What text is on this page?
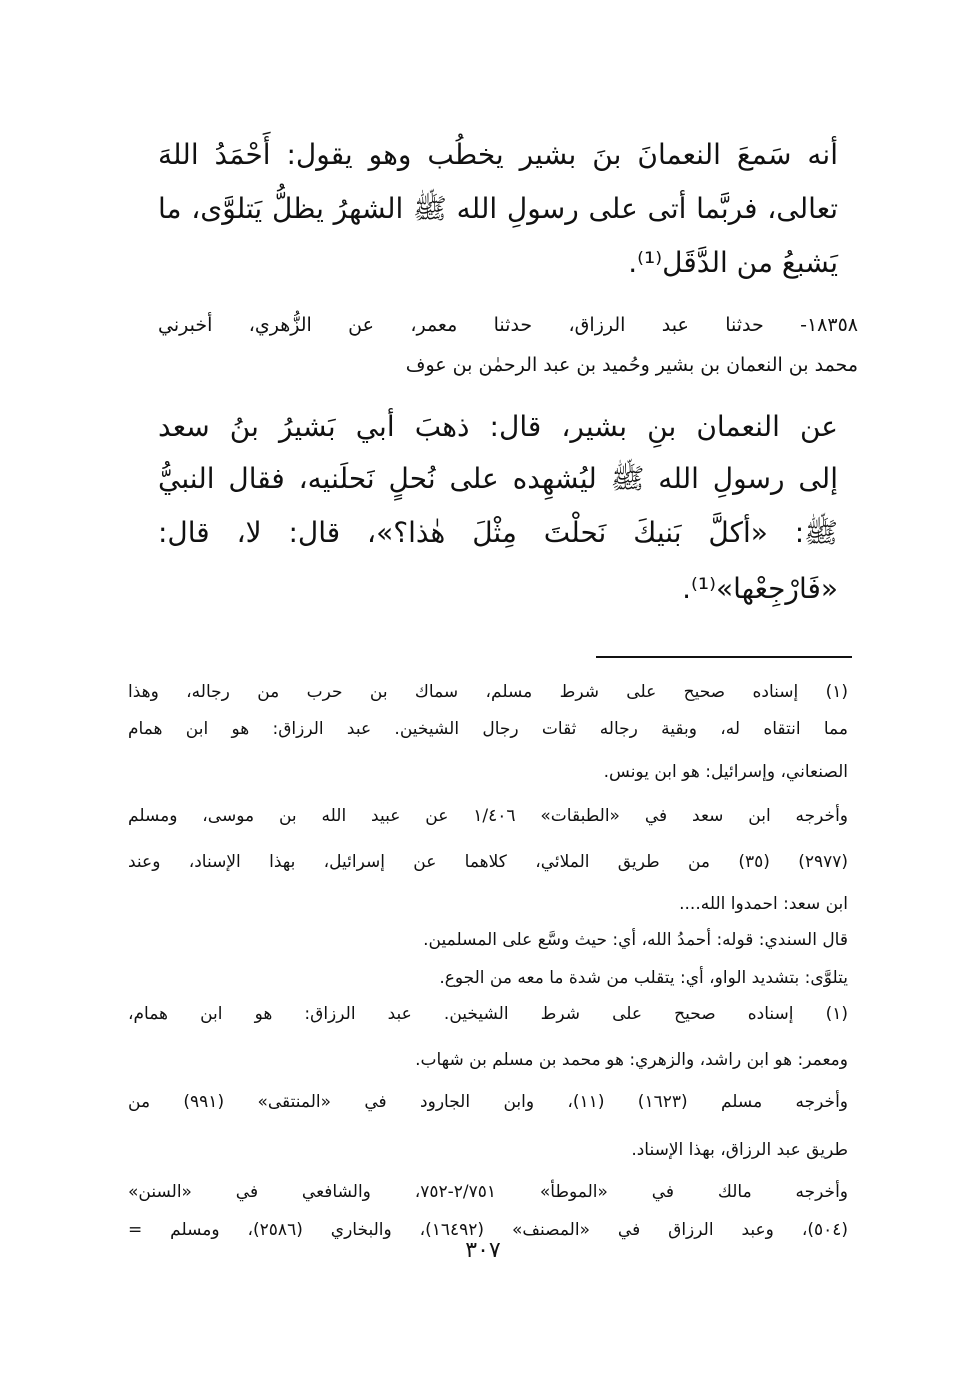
أنه سَمعَ النعمانَ بنَ بشير يخطُب وهو يقول: أَحْمَدُ اللهَ
تعالى، فربَّما أتى على رسولِ الله ﷺ الشهرُ يظلُّ يَتلوَّى، ما
يَشبعُ من الدَّقَل⁽¹⁾.
١٨٣٥٨- حدثنا عبد الرزاق، حدثنا معمر، عن الزُّهري، أخبرني
محمد بن النعمان بن بشير وحُميد بن عبد الرحمٰن بن عوف
عن النعمان بنِ بشير، قال: ذهبَ أبي بَشيرُ بنُ سعد
إلى رسولِ الله ﷺ ليُشهِده على نُحلٍ نَحلَنيه، فقال النبيُّ
ﷺ: «أكلَّ بَنيكَ نَحلْتَ مِثْلَ هٰذا؟»، قال: لا، قال:
«فَارْجِعْها»⁽¹⁾.
(١) إسناده صحيح على شرط مسلم، سماك بن حرب من رجاله، وهذا
مما انتقاه له، وبقية رجاله ثقات رجال الشيخين. عبد الرزاق: هو ابن همام
الصنعاني، وإسرائيل: هو ابن يونس.
وأخرجه ابن سعد في «الطبقات» ١/٤٠٦ عن عبيد الله بن موسى، ومسلم
(٢٩٧٧) (٣٥) من طريق الملائي، كلاهما عن إسرائيل، بهذا الإسناد، وعند
ابن سعد: احمدوا الله....
قال السندي: قوله: أحمدُ الله، أي: حيث وسَّع على المسلمين.
يتلوَّى: بتشديد الواو، أي: يتقلب من شدة ما معه من الجوع.
(١) إسناده صحيح على شرط الشيخين. عبد الرزاق: هو ابن همام،
ومعمر: هو ابن راشد، والزهري: هو محمد بن مسلم بن شهاب.
وأخرجه مسلم (١٦٢٣) (١١)، وابن الجارود في «المنتقى» (٩٩١) من
طريق عبد الرزاق، بهذا الإسناد.
وأخرجه مالك في «الموطأ» ٢/٧٥١-٧٥٢، والشافعي في «السنن»
(٥٠٤)، وعبد الرزاق في «المصنف» (١٦٤٩٢)، والبخاري (٢٥٨٦)، ومسلم =
٣٠٧
